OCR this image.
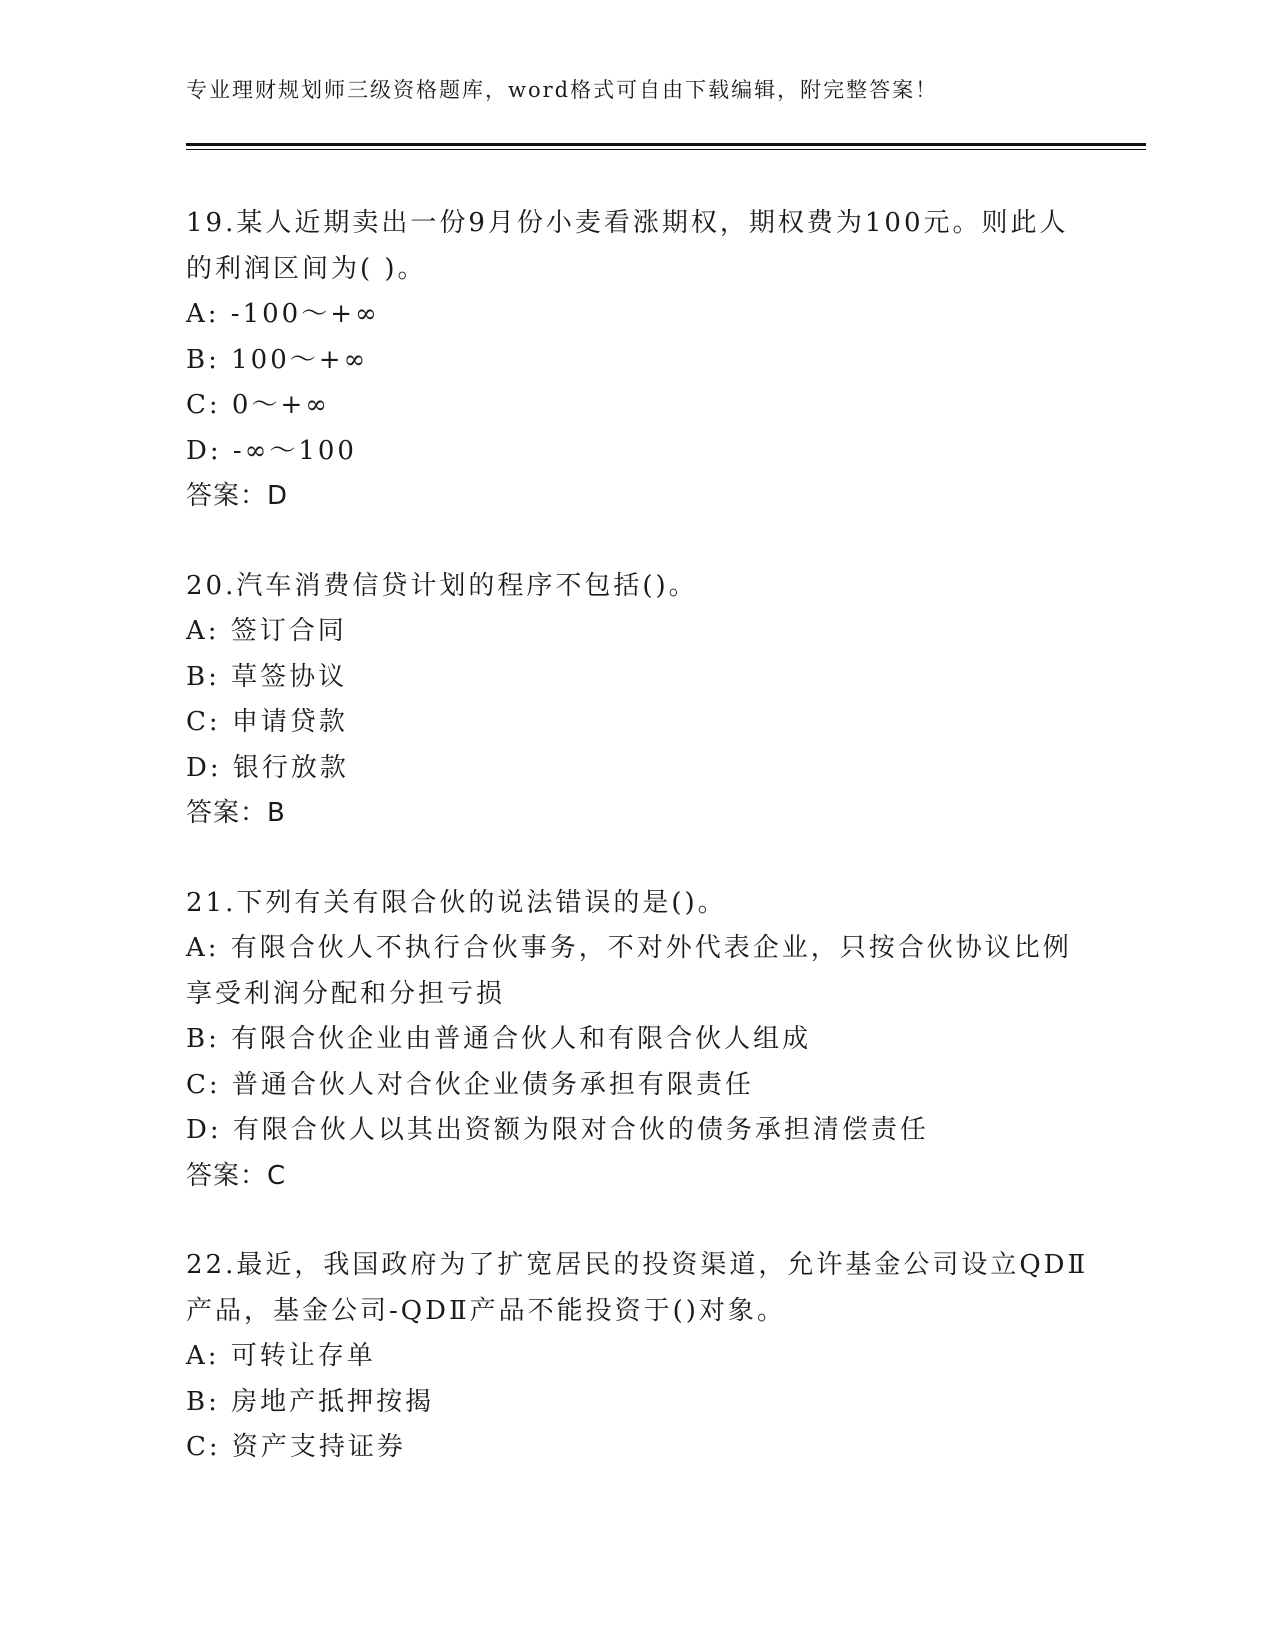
专业理财规划师三级资格题库，word格式可自由下载编辑，附完整答案！
19.某人近期卖出一份9月份小麦看涨期权，期权费为100元。则此人
的利润区间为( )。
A: -100～+∞
B: 100～+∞
C: 0～+∞
D: -∞～100
答案：D
20.汽车消费信贷计划的程序不包括()。
A: 签订合同
B: 草签协议
C: 申请贷款
D: 银行放款
答案：B
21.下列有关有限合伙的说法错误的是()。
A: 有限合伙人不执行合伙事务，不对外代表企业，只按合伙协议比例
享受利润分配和分担亏损
B: 有限合伙企业由普通合伙人和有限合伙人组成
C: 普通合伙人对合伙企业债务承担有限责任
D: 有限合伙人以其出资额为限对合伙的债务承担清偿责任
答案：C
22.最近，我国政府为了扩宽居民的投资渠道，允许基金公司设立QDⅡ
产品，基金公司-QDⅡ产品不能投资于()对象。
A: 可转让存单
B: 房地产抵押按揭
C: 资产支持证券
